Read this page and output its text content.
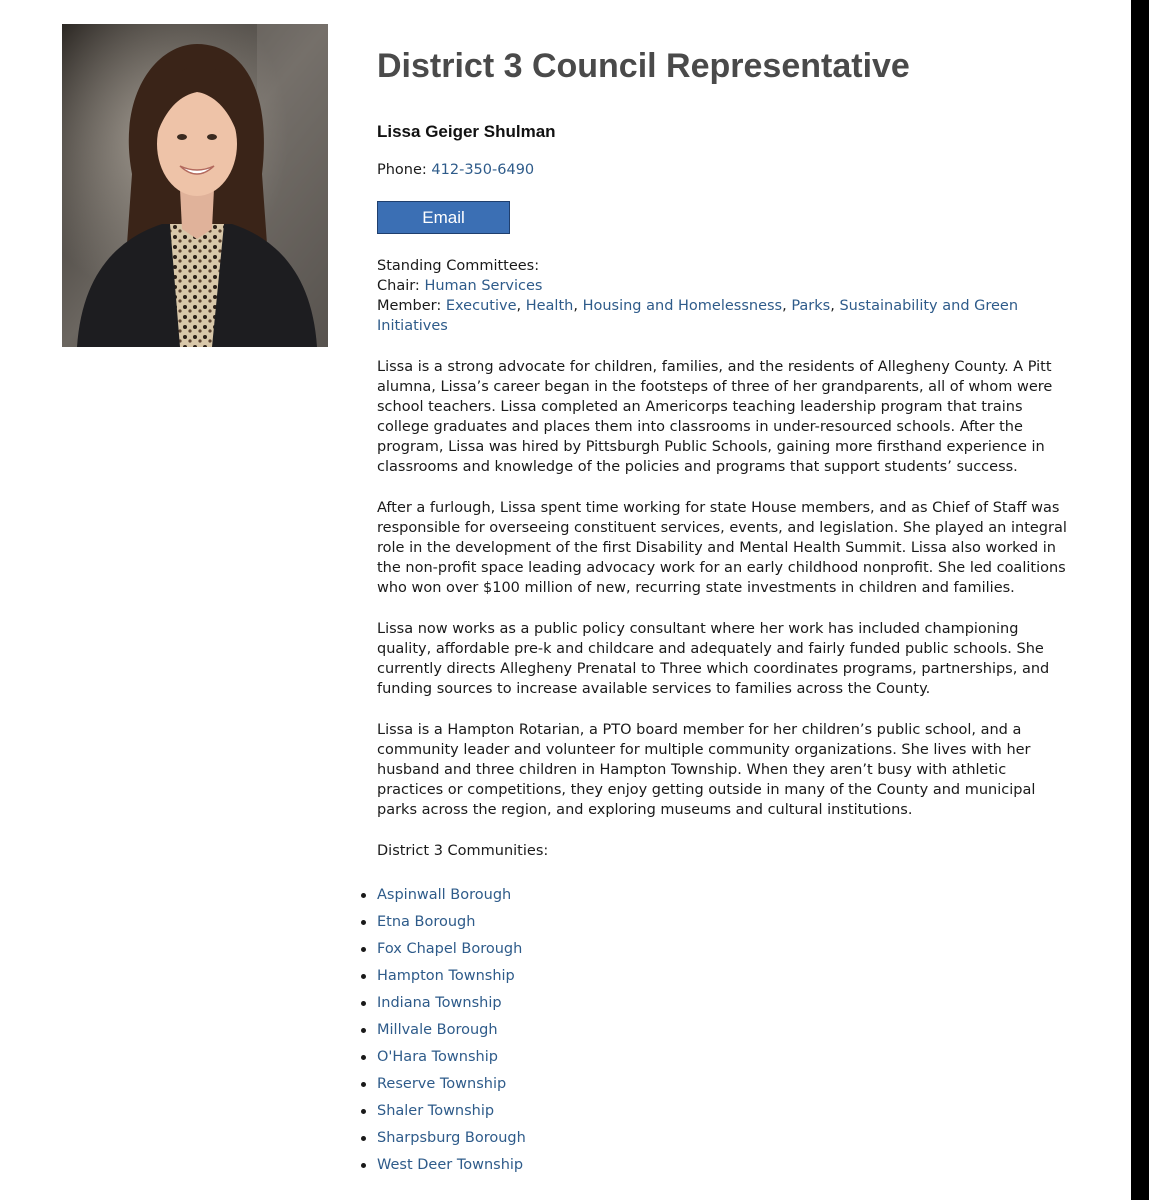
District 3 Council Representative
Lissa Geiger Shulman
Phone: 412-350-6490
Email
Standing Committees:
Chair: Human Services
Member: Executive, Health, Housing and Homelessness, Parks, Sustainability and Green Initiatives

Lissa is a strong advocate for children, families, and the residents of Allegheny County. A Pitt alumna, Lissa’s career began in the footsteps of three of her grandparents, all of whom were school teachers. Lissa completed an Americorps teaching leadership program that trains college graduates and places them into classrooms in under-resourced schools. After the program, Lissa was hired by Pittsburgh Public Schools, gaining more firsthand experience in classrooms and knowledge of the policies and programs that support students’ success.

After a furlough, Lissa spent time working for state House members, and as Chief of Staff was responsible for overseeing constituent services, events, and legislation. She played an integral role in the development of the first Disability and Mental Health Summit. Lissa also worked in the non-profit space leading advocacy work for an early childhood nonprofit. She led coalitions who won over $100 million of new, recurring state investments in children and families.

Lissa now works as a public policy consultant where her work has included championing quality, affordable pre-k and childcare and adequately and fairly funded public schools. She currently directs Allegheny Prenatal to Three which coordinates programs, partnerships, and funding sources to increase available services to families across the County.

Lissa is a Hampton Rotarian, a PTO board member for her children’s public school, and a community leader and volunteer for multiple community organizations. She lives with her husband and three children in Hampton Township. When they aren’t busy with athletic practices or competitions, they enjoy getting outside in many of the County and municipal parks across the region, and exploring museums and cultural institutions.

District 3 Communities:
Aspinwall Borough
Etna Borough
Fox Chapel Borough
Hampton Township
Indiana Township
Millvale Borough
O'Hara Township
Reserve Township
Shaler Township
Sharpsburg Borough
West Deer Township
